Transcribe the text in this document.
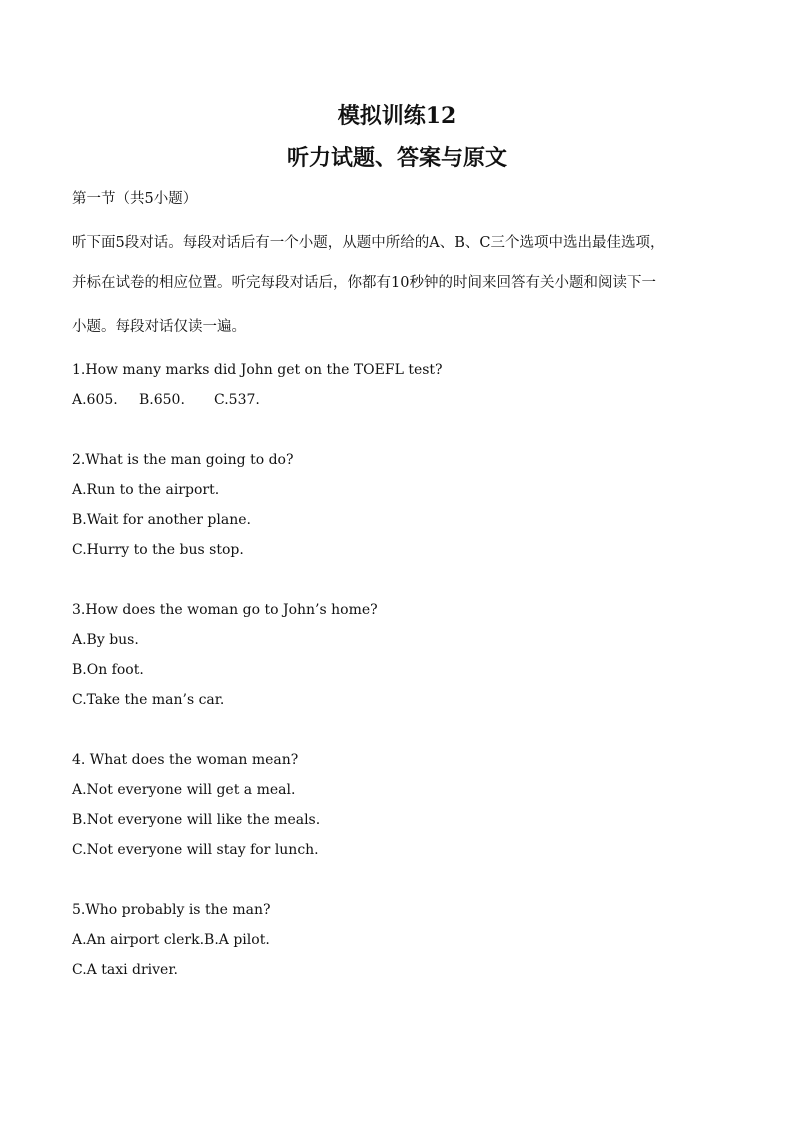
模拟训练12
听力试题、答案与原文

第一节（共5小题）

听下面5段对话。每段对话后有一个小题，从题中所给的A、B、C三个选项中选出最佳选项，

并标在试卷的相应位置。听完每段对话后，你都有10秒钟的时间来回答有关小题和阅读下一

小题。每段对话仅读一遍。

1.How many marks did John get on the TOEFL test?

A.605. B.650. C.537.

2.What is the man going to do?

A.Run to the airport.

B.Wait for another plane.

C.Hurry to the bus stop.

3.How does the woman go to John’s home?

A.By bus.

B.On foot.

C.Take the man’s car.

4. What does the woman mean?

A.Not everyone will get a meal.

B.Not everyone will like the meals.

C.Not everyone will stay for lunch.

5.Who probably is the man?

A.An airport clerk.B.A pilot.

C.A taxi driver.
